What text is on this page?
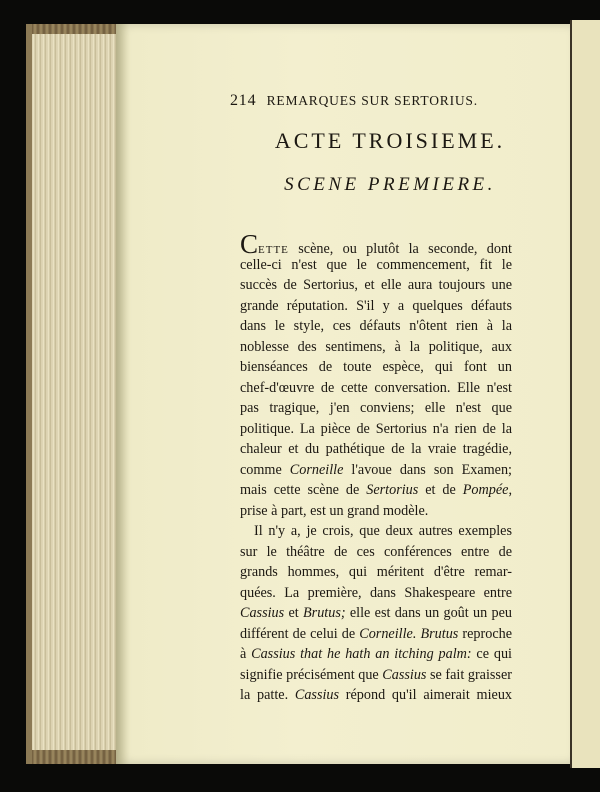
214 REMARQUES SUR SERTORIUS.
ACTE TROISIEME.
SCENE PREMIERE.
CETTE scène, ou plutôt la seconde, dont
celle-ci n'est que le commencement, fit le
succès de Sertorius, et elle aura toujours une
grande réputation. S'il y a quelques défauts
dans le style, ces défauts n'ôtent rien à la
noblesse des sentimens, à la politique, aux
bienséances de toute espèce, qui font un
chef-d'œuvre de cette conversation. Elle n'est
pas tragique, j'en conviens; elle n'est que
politique. La pièce de Sertorius n'a rien de la
chaleur et du pathétique de la vraie tragédie,
comme Corneille l'avoue dans son Examen;
mais cette scène de Sertorius et de Pompée,
prise à part, est un grand modèle.
Il n'y a, je crois, que deux autres exemples
sur le théâtre de ces conférences entre de
grands hommes, qui méritent d'être remar-
quées. La première, dans Shakespeare entre
Cassius et Brutus; elle est dans un goût un peu
différent de celui de Corneille. Brutus reproche
à Cassius that he hath an itching palm: ce qui
signifie précisément que Cassius se fait graisser
la patte. Cassius répond qu'il aimerait mieux
